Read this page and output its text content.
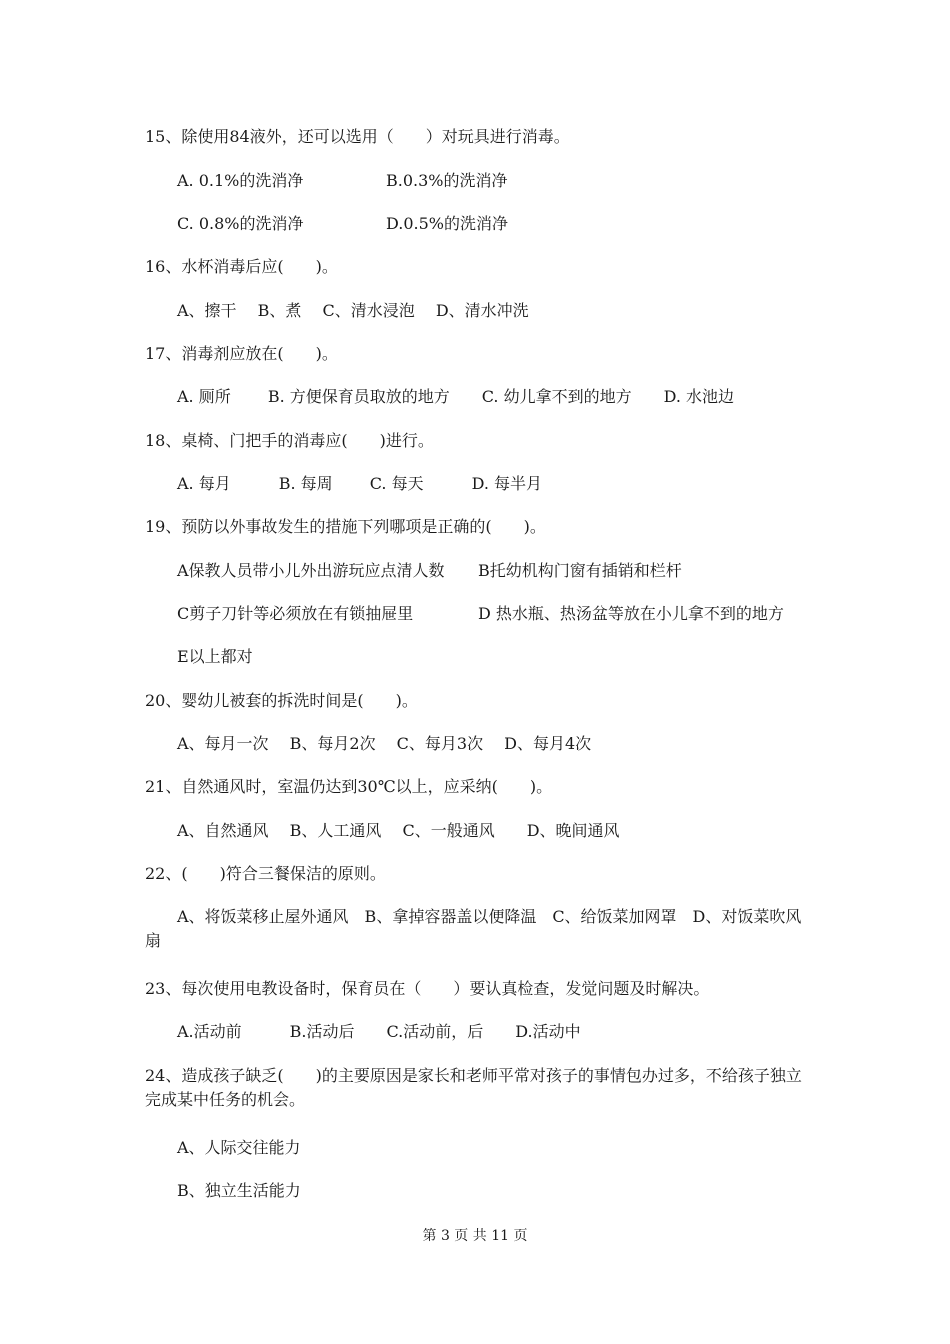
15、除使用84液外，还可以选用（　　）对玩具进行消毒。

A. 0.1%的洗消净	B.0.3%的洗消净

C. 0.8%的洗消净	D.0.5%的洗消净

16、水杯消毒后应(　　)。

A、擦干　 B、煮　 C、清水浸泡　 D、清水冲洗

17、消毒剂应放在(　　)。

A. 厕所　　 B. 方便保育员取放的地方　　C. 幼儿拿不到的地方　　D. 水池边

18、桌椅、门把手的消毒应(　　)进行。

A. 每月　　　B. 每周　　 C. 每天　　　D. 每半月

19、预防以外事故发生的措施下列哪项是正确的(　　)。

A保教人员带小儿外出游玩应点清人数 B托幼机构门窗有插销和栏杆

C剪子刀针等必须放在有锁抽屉里	D 热水瓶、热汤盆等放在小儿拿不到的地方

E以上都对

20、婴幼儿被套的拆洗时间是(　　)。

A、每月一次　 B、每月2次　 C、每月3次　 D、每月4次

21、自然通风时，室温仍达到30℃以上，应采纳(　　)。

A、自然通风　 B、人工通风　 C、一般通风　　D、晚间通风

22、(　　)符合三餐保洁的原则。

A、将饭菜移止屋外通风　B、拿掉容器盖以便降温　C、给饭菜加网罩　D、对饭菜吹风扇

23、每次使用电教设备时，保育员在（　　）要认真检查，发觉问题及时解决。

A.活动前　　　B.活动后　　C.活动前，后　　D.活动中

24、造成孩子缺乏(　　)的主要原因是家长和老师平常对孩子的事情包办过多，不给孩子独立完成某中任务的机会。

A、人际交往能力

B、独立生活能力

第 3 页 共 11 页
